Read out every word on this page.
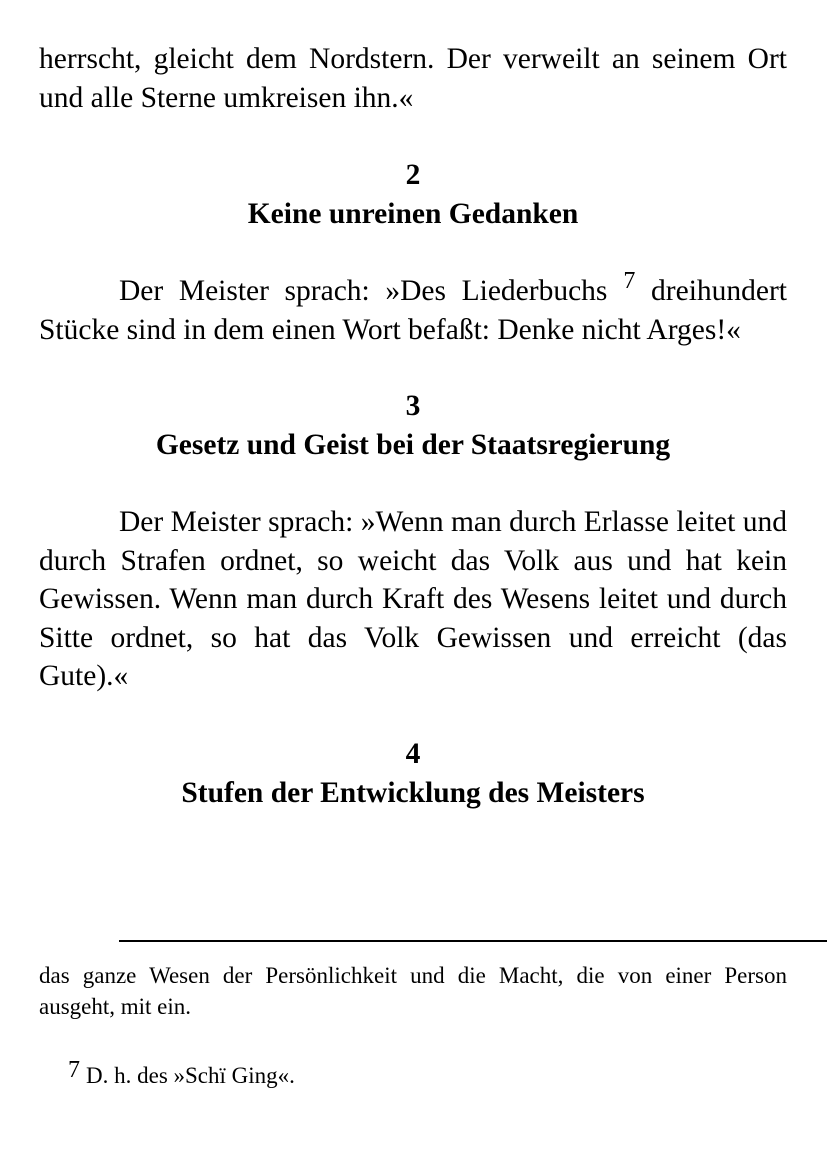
herrscht, gleicht dem Nordstern. Der verweilt an seinem Ort und alle Sterne umkreisen ihn.«

2

Keine unreinen Gedanken

Der Meister sprach: »Des Liederbuchs $^7$ dreihundert Stücke sind in dem einen Wort befaßt: Denke nicht Arges!«

3

Gesetz und Geist bei der Staatsregierung

Der Meister sprach: »Wenn man durch Erlasse leitet und durch Strafen ordnet, so weicht das Volk aus und hat kein Gewissen. Wenn man durch Kraft des Wesens leitet und durch Sitte ordnet, so hat das Volk Gewissen und erreicht (das Gute).«

4

Stufen der Entwicklung des Meisters

das ganze Wesen der Persönlichkeit und die Macht, die von einer Person ausgeht, mit ein.

7 D. h. des »Schï Ging«.
